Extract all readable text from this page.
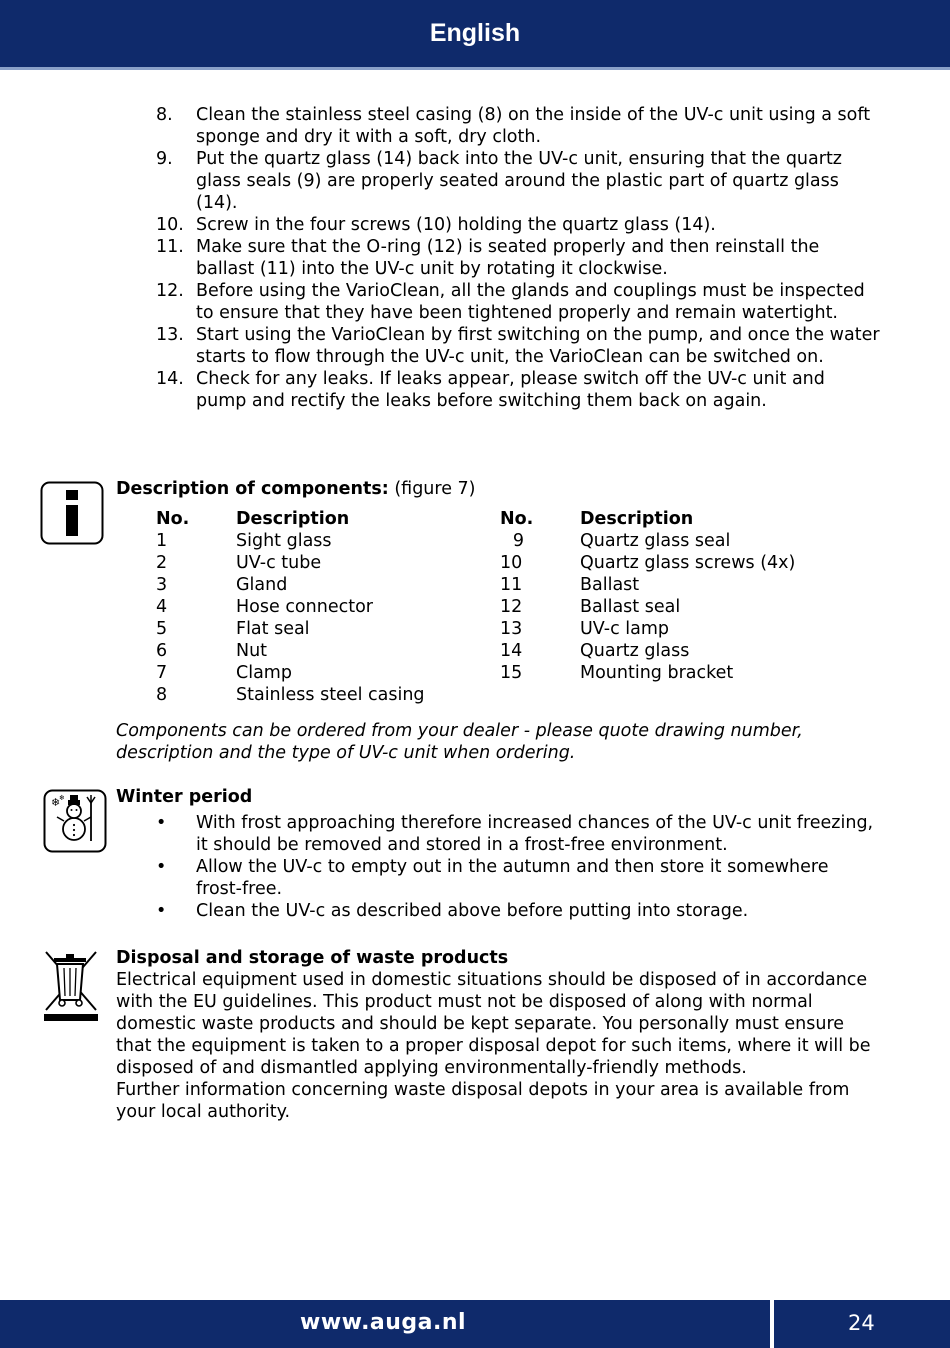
English
8.	Clean the stainless steel casing (8) on the inside of the UV-c unit using a soft sponge and dry it with a soft, dry cloth.
9.	Put the quartz glass (14) back into the UV-c unit, ensuring that the quartz glass seals (9) are properly seated around the plastic part of quartz glass (14).
10. Screw in the four screws (10) holding the quartz glass (14).
11. Make sure that the O-ring (12) is seated properly and then reinstall the ballast (11) into the UV-c unit by rotating it clockwise.
12. Before using the VarioClean, all the glands and couplings must be inspected to ensure that they have been tightened properly and remain watertight.
13. Start using the VarioClean by first switching on the pump, and once the water starts to flow through the UV-c unit, the VarioClean can be switched on.
14. Check for any leaks. If leaks appear, please switch off the UV-c unit and pump and rectify the leaks before switching them back on again.
Description of components: (figure 7)
No.	Description	No.	Description
1	Sight glass	9	Quartz glass seal
2	UV-c tube	10	Quartz glass screws (4x)
3	Gland	11	Ballast
4	Hose connector	12	Ballast seal
5	Flat seal	13	UV-c lamp
6	Nut	14	Quartz glass
7	Clamp	15	Mounting bracket
8	Stainless steel casing
Components can be ordered from your dealer - please quote drawing number, description and the type of UV-c unit when ordering.
❄
❄	Winter period
•	With frost approaching therefore increased chances of the UV-c unit freezing, it should be removed and stored in a frost-free environment.
•	Allow the UV-c to empty out in the autumn and then store it somewhere frost-free.
•	Clean the UV-c as described above before putting into storage.
Disposal and storage of waste products
Electrical equipment used in domestic situations should be disposed of in accordance with the EU guidelines. This product must not be disposed of along with normal domestic waste products and should be kept separate. You personally must ensure that the equipment is taken to a proper disposal depot for such items, where it will be disposed of and dismantled applying environmentally-friendly methods.
Further information concerning waste disposal depots in your area is available from your local authority.
www.auga.nl	24
